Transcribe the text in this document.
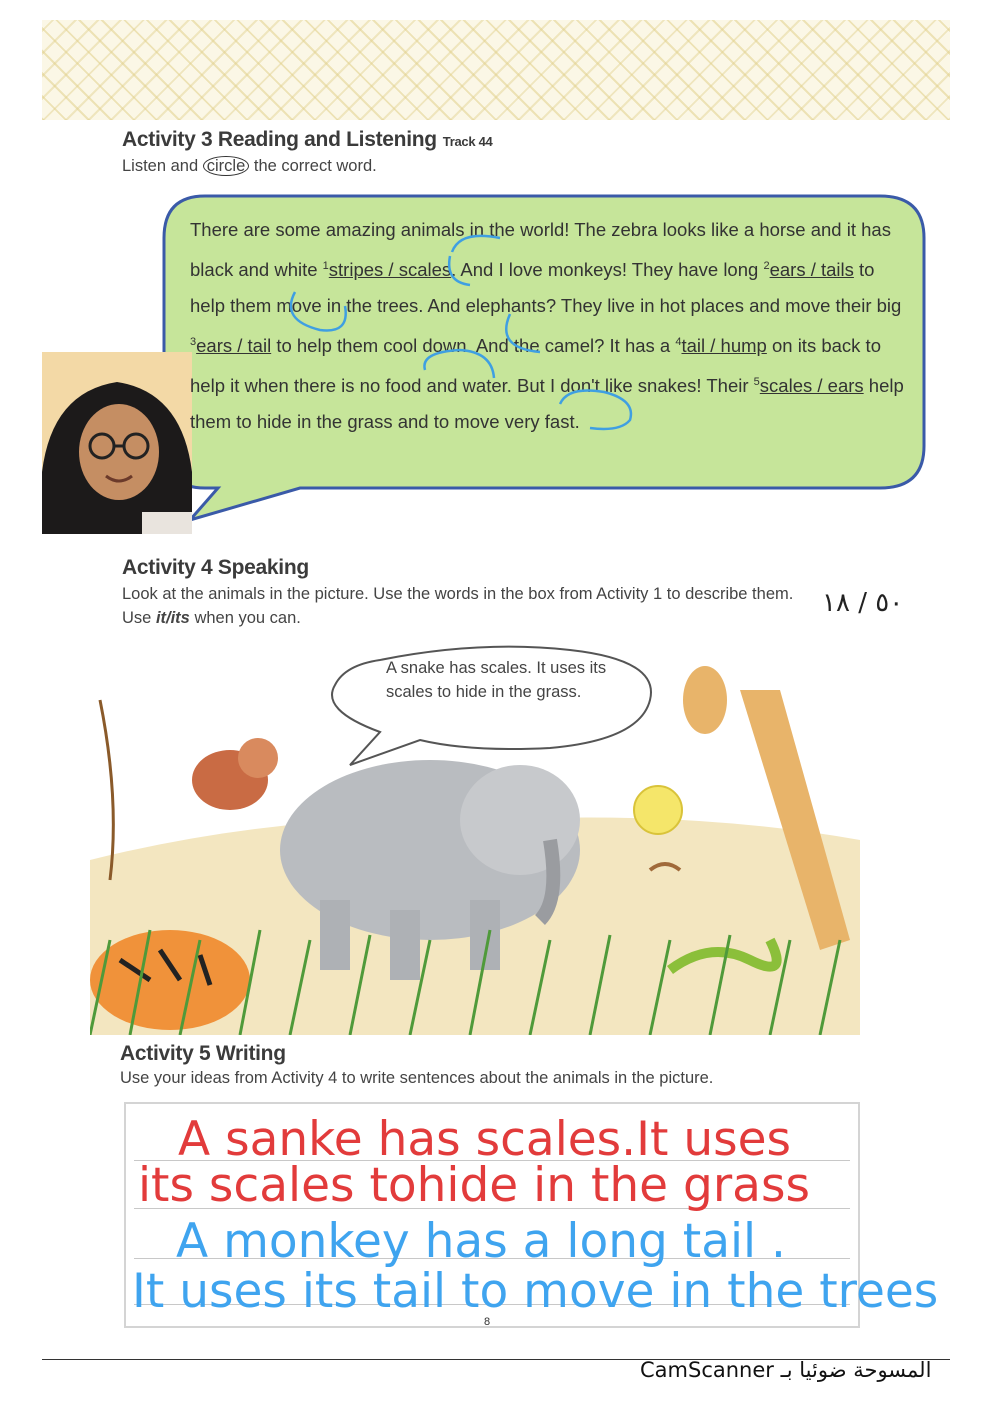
Activity 3 Reading and Listening Track 44
Listen and circle the correct word.
There are some amazing animals in the world! The zebra looks like a horse and it has black and white $^1$stripes / scales. And I love monkeys! They have long $^2$ears / tails to help them move in the trees. And elephants? They live in hot places and move their big $^3$ears / tail to help them cool down. And the camel? It has a $^4$tail / hump on its back to help it when there is no food and water. But I don't like snakes! Their $^5$scales / ears help them to hide in the grass and to move very fast.
Activity 4 Speaking
Look at the animals in the picture. Use the words in the box from Activity 1 to describe them. Use it/its when you can.	٥٠ / ١٨
A snake has scales. It uses its scales to hide in the grass.
Activity 5 Writing
Use your ideas from Activity 4 to write sentences about the animals in the picture.
A sanke has scales.It uses
its scales tohide in the grass
A monkey has a long tail .
It uses its tail to move in the trees
8
CamScanner المسوحة ضوئيا بـ
